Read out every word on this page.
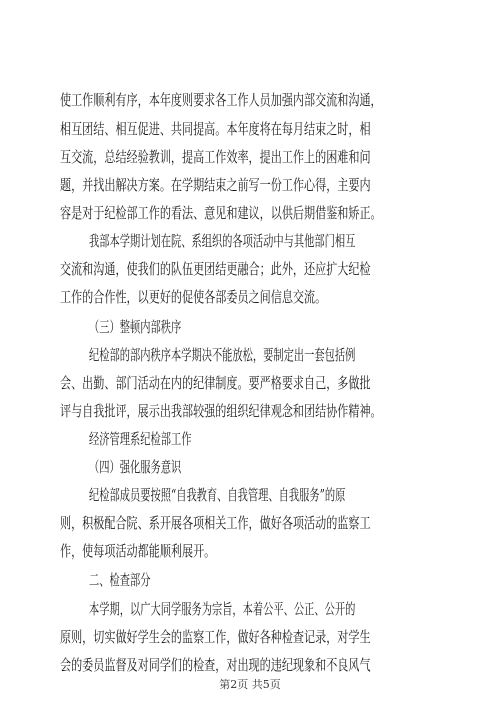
使工作顺利有序，本年度则要求各工作人员加强内部交流和沟通，
相互团结、相互促进、共同提高。本年度将在每月结束之时，相
互交流，总结经验教训，提高工作效率，提出工作上的困难和问
题，并找出解决方案。在学期结束之前写一份工作心得，主要内
容是对于纪检部工作的看法、意见和建议，以供后期借鉴和矫正。
我部本学期计划在院、系组织的各项活动中与其他部门相互
交流和沟通，使我们的队伍更团结更融合；此外，还应扩大纪检
工作的合作性，以更好的促使各部委员之间信息交流。
（三）整顿内部秩序
纪检部的部内秩序本学期决不能放松，要制定出一套包括例
会、出勤、部门活动在内的纪律制度。要严格要求自己，多做批
评与自我批评，展示出我部较强的组织纪律观念和团结协作精神。
经济管理系纪检部工作
（四）强化服务意识
纪检部成员要按照“自我教育、自我管理、自我服务”的原
则，积极配合院、系开展各项相关工作，做好各项活动的监察工
作，使每项活动都能顺利展开。
二、检查部分
本学期，以广大同学服务为宗旨，本着公平、公正、公开的
原则，切实做好学生会的监察工作，做好各种检查记录，对学生
会的委员监督及对同学们的检查，对出现的违纪现象和不良风气
第2页 共5页
